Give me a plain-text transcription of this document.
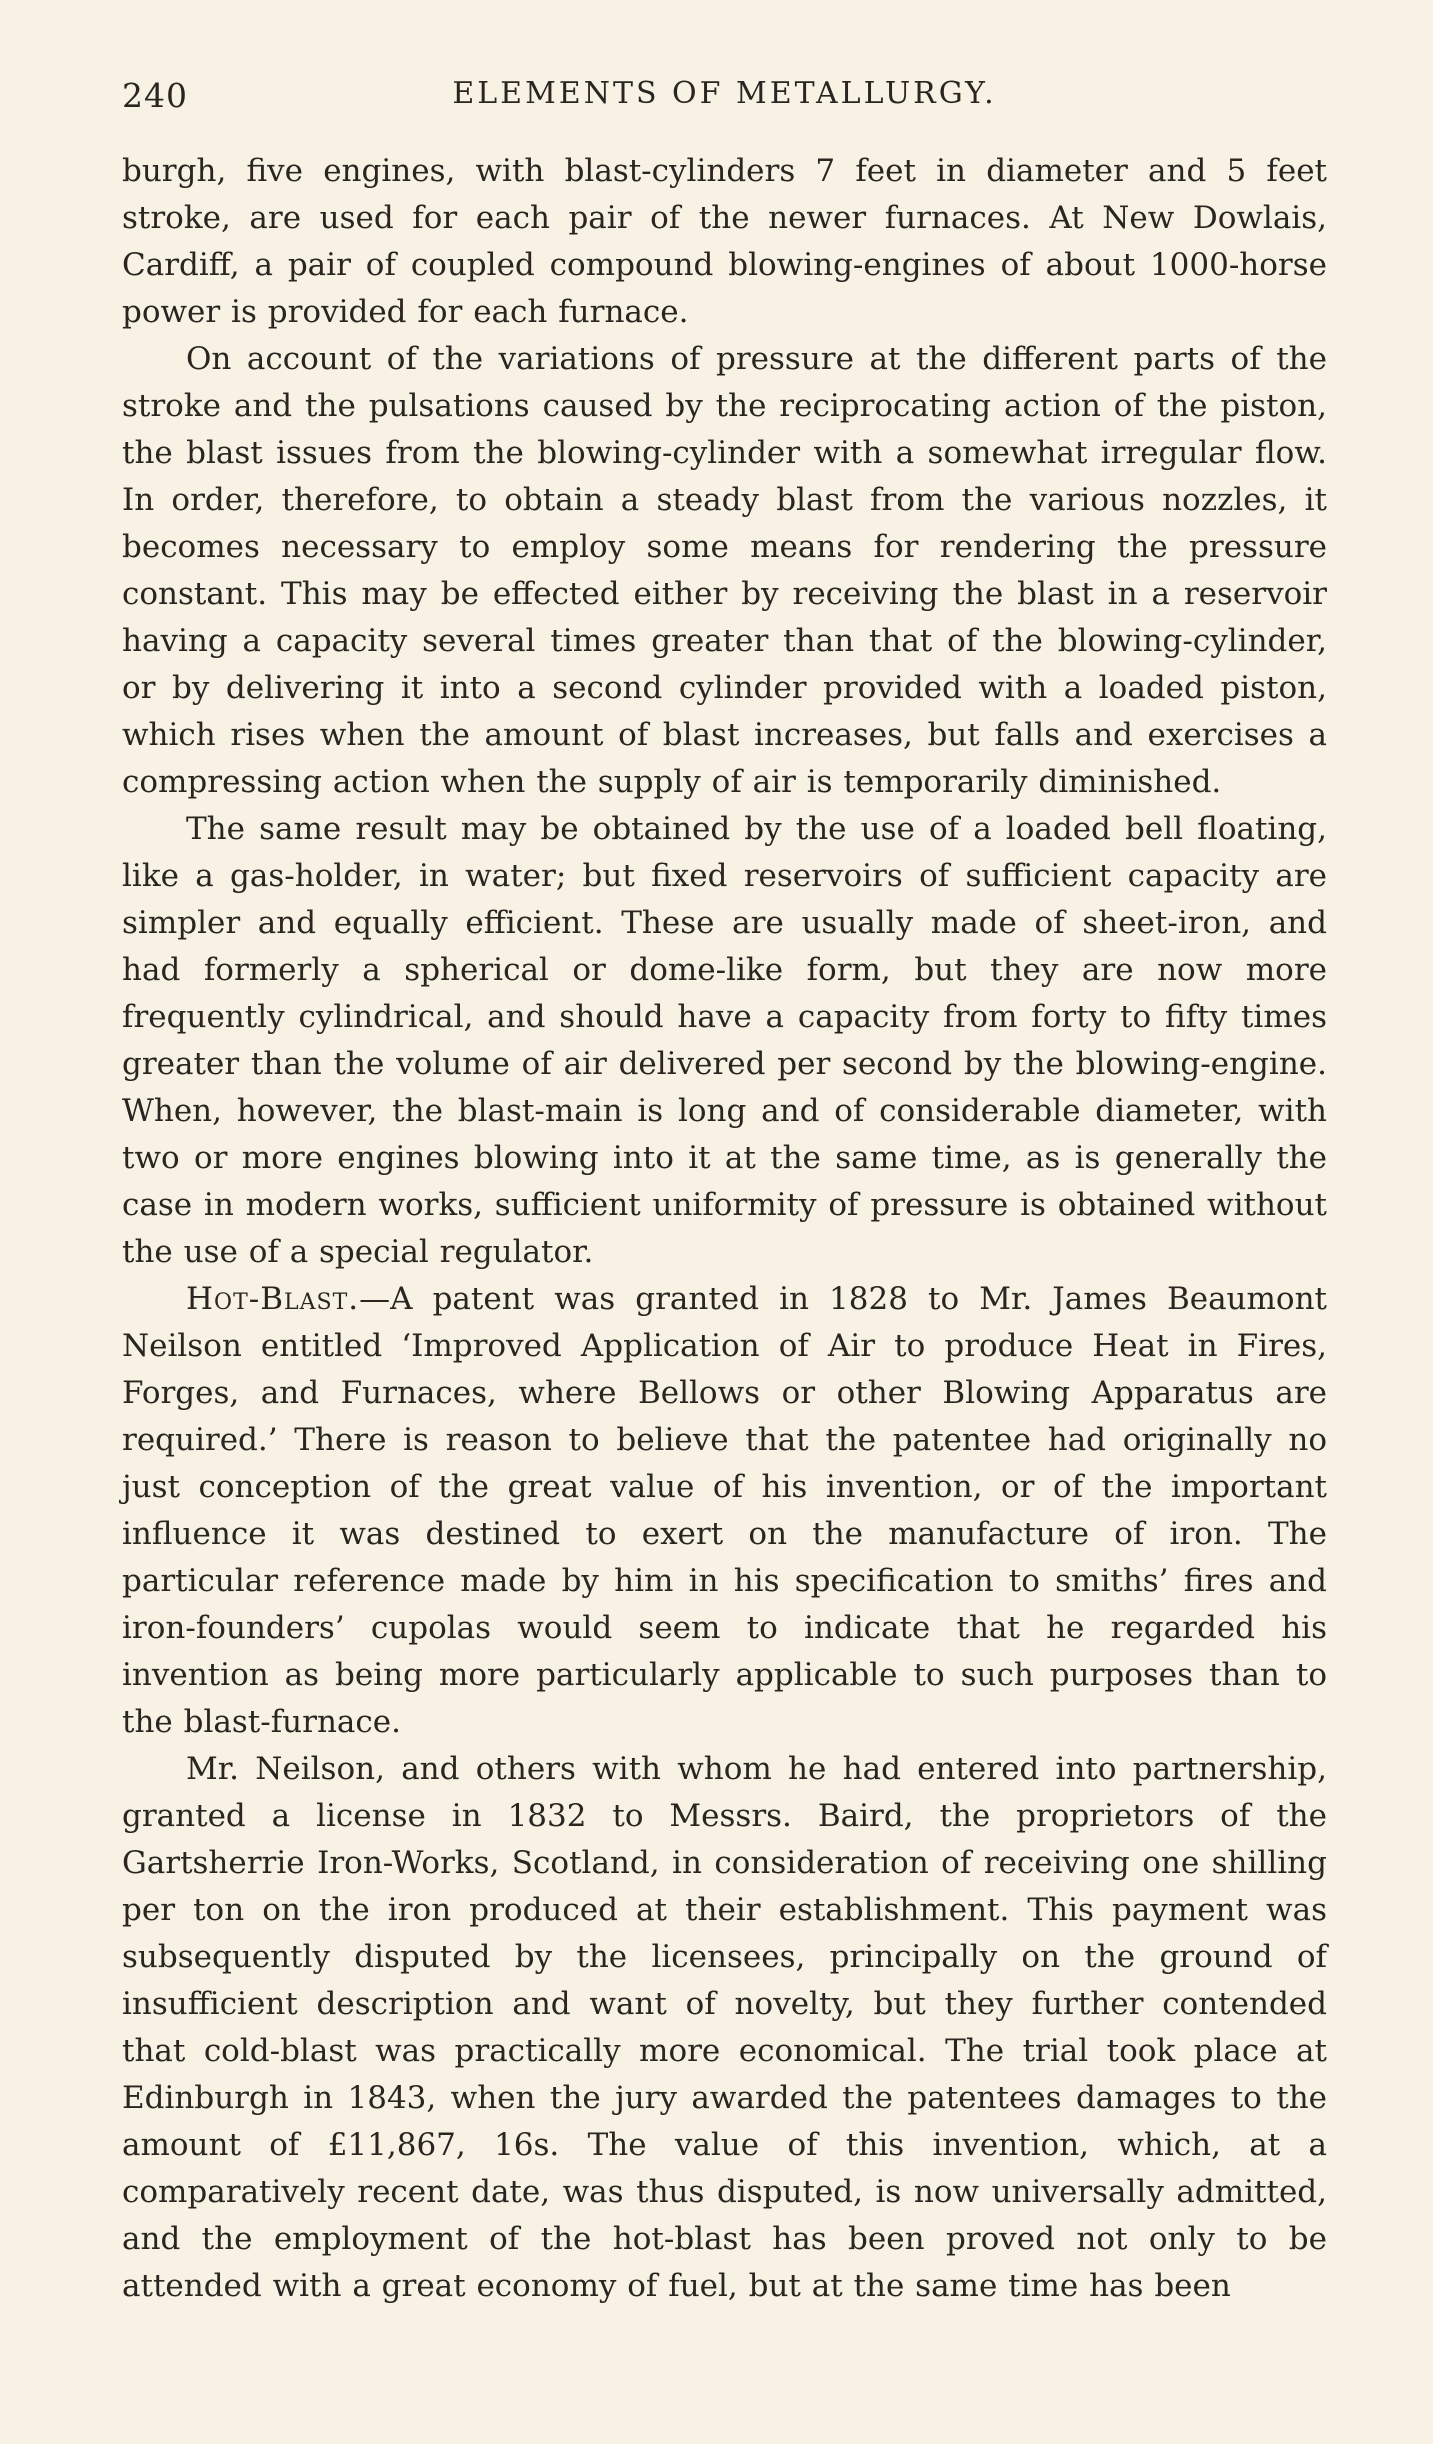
240	ELEMENTS OF METALLURGY.

burgh, five engines, with blast-cylinders 7 feet in diameter and 5 feet stroke, are used for each pair of the newer furnaces. At New Dowlais, Cardiff, a pair of coupled compound blowing-engines of about 1000-horse power is provided for each furnace.

On account of the variations of pressure at the different parts of the stroke and the pulsations caused by the reciprocating action of the piston, the blast issues from the blowing-cylinder with a somewhat irregular flow. In order, therefore, to obtain a steady blast from the various nozzles, it becomes necessary to employ some means for rendering the pressure constant. This may be effected either by receiving the blast in a reservoir having a capacity several times greater than that of the blowing-cylinder, or by delivering it into a second cylinder provided with a loaded piston, which rises when the amount of blast increases, but falls and exercises a compressing action when the supply of air is temporarily diminished.

The same result may be obtained by the use of a loaded bell floating, like a gas-holder, in water; but fixed reservoirs of sufficient capacity are simpler and equally efficient. These are usually made of sheet-iron, and had formerly a spherical or dome-like form, but they are now more frequently cylindrical, and should have a capacity from forty to fifty times greater than the volume of air delivered per second by the blowing-engine. When, however, the blast-main is long and of considerable diameter, with two or more engines blowing into it at the same time, as is generally the case in modern works, sufficient uniformity of pressure is obtained without the use of a special regulator.

Hot-Blast.—A patent was granted in 1828 to Mr. James Beaumont Neilson entitled ‘Improved Application of Air to produce Heat in Fires, Forges, and Furnaces, where Bellows or other Blowing Apparatus are required.’ There is reason to believe that the patentee had originally no just conception of the great value of his invention, or of the important influence it was destined to exert on the manufacture of iron. The particular reference made by him in his specification to smiths’ fires and iron-founders’ cupolas would seem to indicate that he regarded his invention as being more particularly applicable to such purposes than to the blast-furnace.

Mr. Neilson, and others with whom he had entered into partnership, granted a license in 1832 to Messrs. Baird, the proprietors of the Gartsherrie Iron-Works, Scotland, in consideration of receiving one shilling per ton on the iron produced at their establishment. This payment was subsequently disputed by the licensees, principally on the ground of insufficient description and want of novelty, but they further contended that cold-blast was practically more economical. The trial took place at Edinburgh in 1843, when the jury awarded the patentees damages to the amount of £11,867, 16s. The value of this invention, which, at a comparatively recent date, was thus disputed, is now universally admitted, and the employment of the hot-blast has been proved not only to be attended with a great economy of fuel, but at the same time has been
